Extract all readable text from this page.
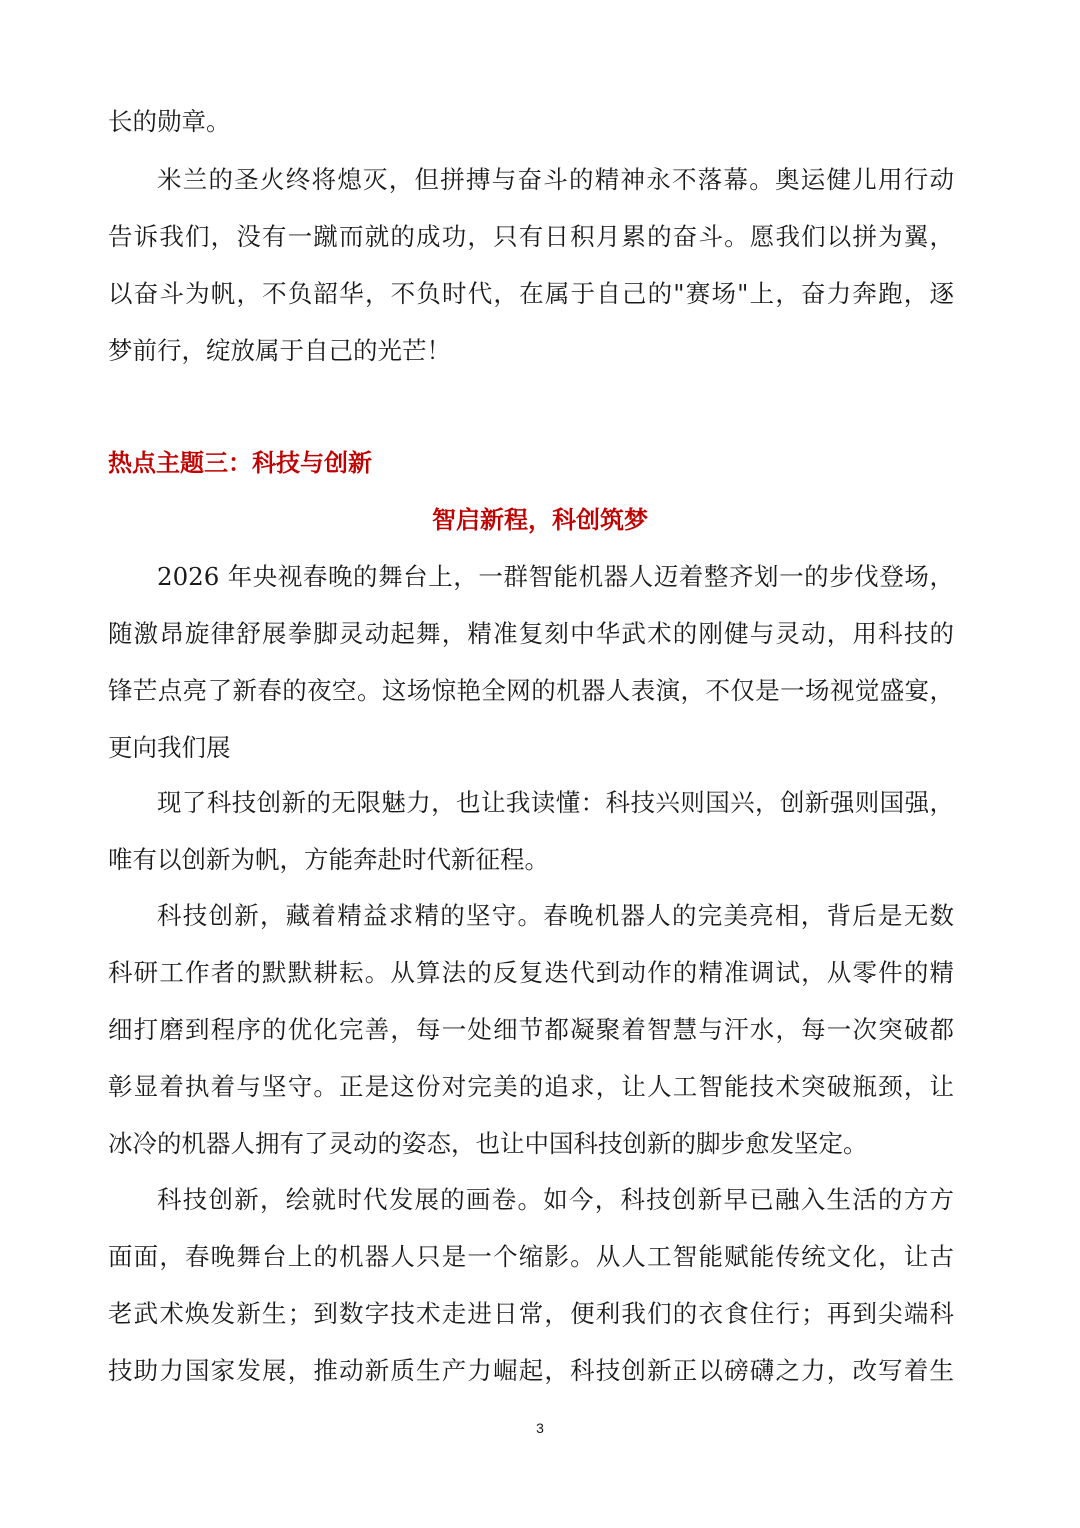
长的勋章。
米兰的圣火终将熄灭，但拼搏与奋斗的精神永不落幕。奥运健儿用行动
告诉我们，没有一蹴而就的成功，只有日积月累的奋斗。愿我们以拼为翼，
以奋斗为帆，不负韶华，不负时代，在属于自己的"赛场"上，奋力奔跑，逐
梦前行，绽放属于自己的光芒！
热点主题三：科技与创新
智启新程，科创筑梦
2026 年央视春晚的舞台上，一群智能机器人迈着整齐划一的步伐登场，
随激昂旋律舒展拳脚灵动起舞，精准复刻中华武术的刚健与灵动，用科技的
锋芒点亮了新春的夜空。这场惊艳全网的机器人表演，不仅是一场视觉盛宴，
更向我们展
现了科技创新的无限魅力，也让我读懂：科技兴则国兴，创新强则国强，
唯有以创新为帆，方能奔赴时代新征程。
科技创新，藏着精益求精的坚守。春晚机器人的完美亮相，背后是无数
科研工作者的默默耕耘。从算法的反复迭代到动作的精准调试，从零件的精
细打磨到程序的优化完善，每一处细节都凝聚着智慧与汗水，每一次突破都
彰显着执着与坚守。正是这份对完美的追求，让人工智能技术突破瓶颈，让
冰冷的机器人拥有了灵动的姿态，也让中国科技创新的脚步愈发坚定。
科技创新，绘就时代发展的画卷。如今，科技创新早已融入生活的方方
面面，春晚舞台上的机器人只是一个缩影。从人工智能赋能传统文化，让古
老武术焕发新生；到数字技术走进日常，便利我们的衣食住行；再到尖端科
技助力国家发展，推动新质生产力崛起，科技创新正以磅礴之力，改写着生
3
